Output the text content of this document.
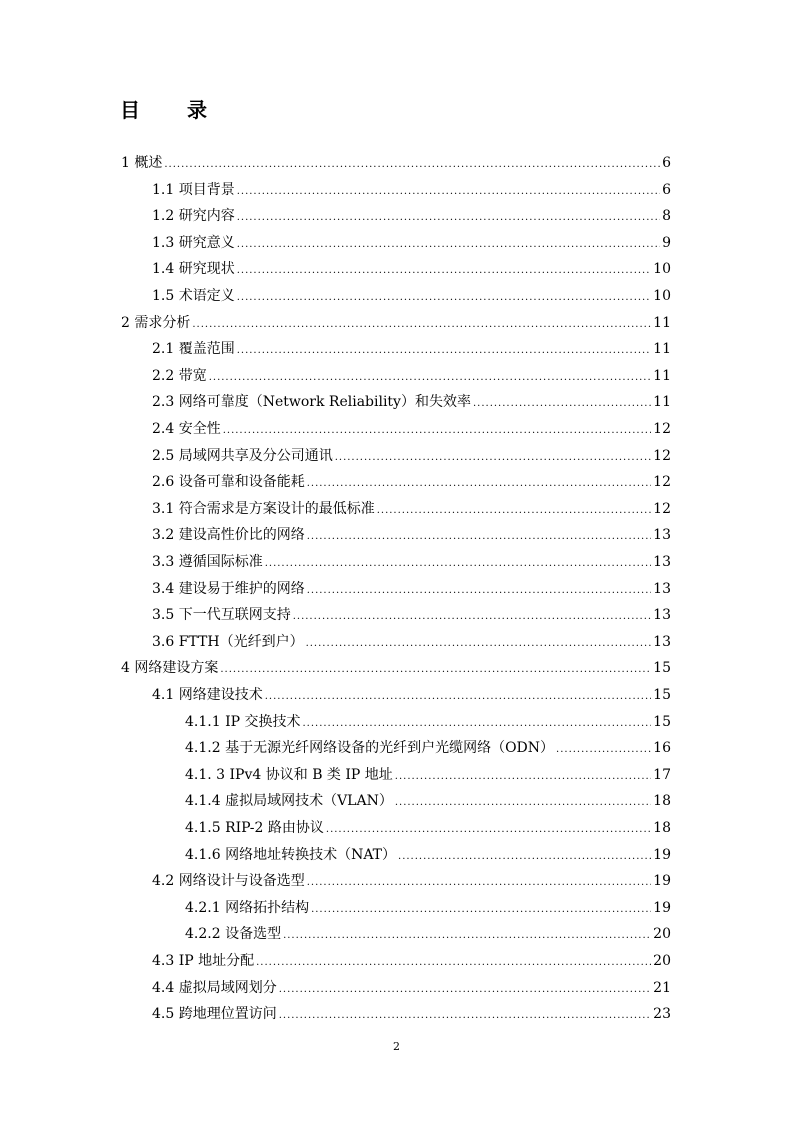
目 录
1 概述 .....	6
1.1 项目背景 .....	6
1.2 研究内容 .....	8
1.3 研究意义 .....	9
1.4 研究现状 .....	10
1.5 术语定义 .....	10
2 需求分析 .....	11
2.1 覆盖范围 .....	11
2.2 带宽 .....	11
2.3 网络可靠度（Network Reliability）和失效率 .....	11
2.4 安全性 .....	12
2.5 局域网共享及分公司通讯 .....	12
2.6 设备可靠和设备能耗 .....	12
3.1 符合需求是方案设计的最低标准 .....	12
3.2 建设高性价比的网络 .....	13
3.3 遵循国际标准 .....	13
3.4 建设易于维护的网络 .....	13
3.5 下一代互联网支持 .....	13
3.6 FTTH（光纤到户） .....	13
4 网络建设方案 .....	15
4.1 网络建设技术 .....	15
4.1.1 IP 交换技术 .....	15
4.1.2 基于无源光纤网络设备的光纤到户光缆网络（ODN） .....	16
4.1. 3 IPv4 协议和 B 类 IP 地址 .....	17
4.1.4 虚拟局域网技术（VLAN） .....	18
4.1.5 RIP-2 路由协议 .....	18
4.1.6 网络地址转换技术（NAT） .....	19
4.2 网络设计与设备选型 .....	19
4.2.1 网络拓扑结构 .....	19
4.2.2 设备选型 .....	20
4.3 IP 地址分配 .....	20
4.4 虚拟局域网划分 .....	21
4.5 跨地理位置访问 .....	23
2
